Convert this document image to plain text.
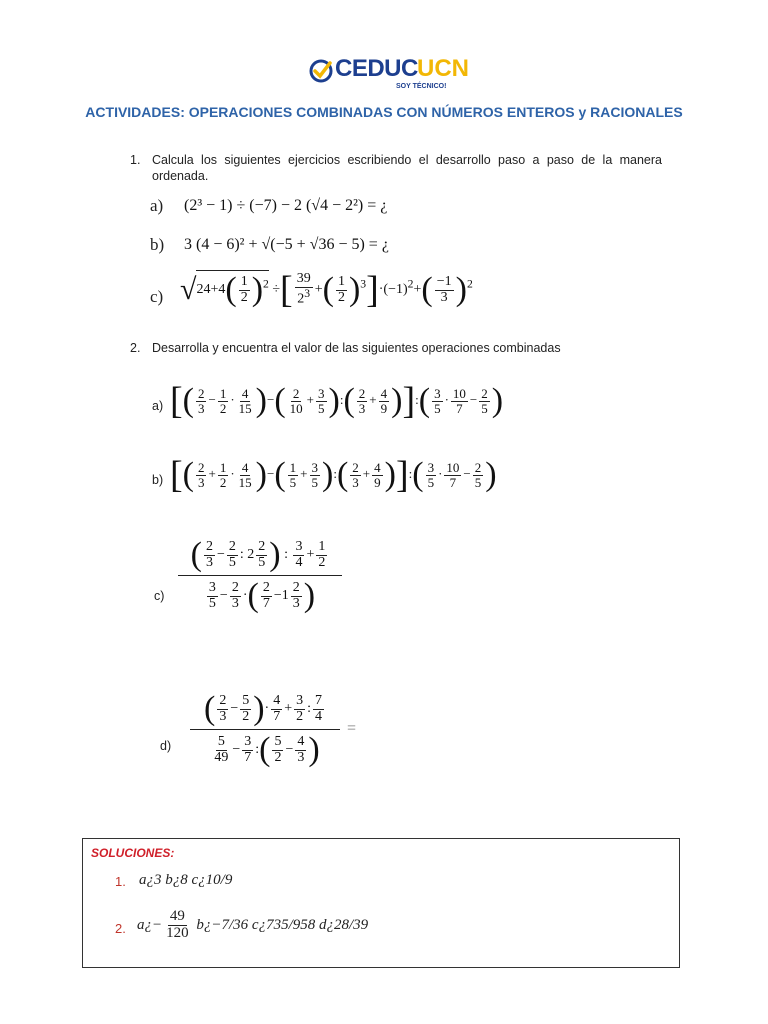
CEDUC UCN
SOY TÉCNICO!
ACTIVIDADES: OPERACIONES COMBINADAS CON NÚMEROS ENTEROS y RACIONALES
1. Calcula los siguientes ejercicios escribiendo el desarrollo paso a paso de la manera ordenada.
a) (2³ − 1) ÷ (−7) − 2 (√4 − 2²) = ¿
b) 3 (4 − 6)² + √(−5 + √36 − 5) = ¿
c) $√24+4( \frac{1}{2} )^2$ ÷[ $\frac{39}{2^3}$ +( $\frac{1}{2} )^3]\cdot(-1)^2+( \frac{-1}{3} )^2$
2. Desarrolla y encuentra el valor de las siguientes operaciones combinadas
a) [( $\frac{2}{3} - \frac{1}{2} \cdot \frac{4}{15}$ )−( $\frac{2}{10} + \frac{3}{5}$ ):( $\frac{2}{3} + \frac{4}{9}$ )]:( $\frac{3}{5} \cdot \frac{10}{7} - \frac{2}{5}$ )
b) [( $\frac{2}{3} + \frac{1}{2} \cdot \frac{4}{15}$ )−( $\frac{1}{5} + \frac{3}{5}$ ):( $\frac{2}{3} + \frac{4}{9}$ )]:( $\frac{3}{5} \cdot \frac{10}{7} - \frac{2}{5}$ )
c)
( $\frac{2}{3} - \frac{2}{5}$ : $2 \frac{2}{5}$ ) : $\frac{3}{4} + \frac{1}{2}$
$\frac{3}{5} - \frac{2}{3}$ ·( $\frac{2}{7} -1 \frac{2}{3}$ )
d)
( $\frac{2}{3} - \frac{5}{2}$ )· $\frac{4}{7} + \frac{3}{2}$ : $\frac{7}{4}$
=
$\frac{5}{49} - \frac{3}{7}$ :( $\frac{5}{2} - \frac{4}{3}$ )
SOLUCIONES:
1. a¿3 b¿8 c¿10/9
2. a¿− $\frac{49}{120}$ b¿−7/36 c¿735/958 d¿28/39
